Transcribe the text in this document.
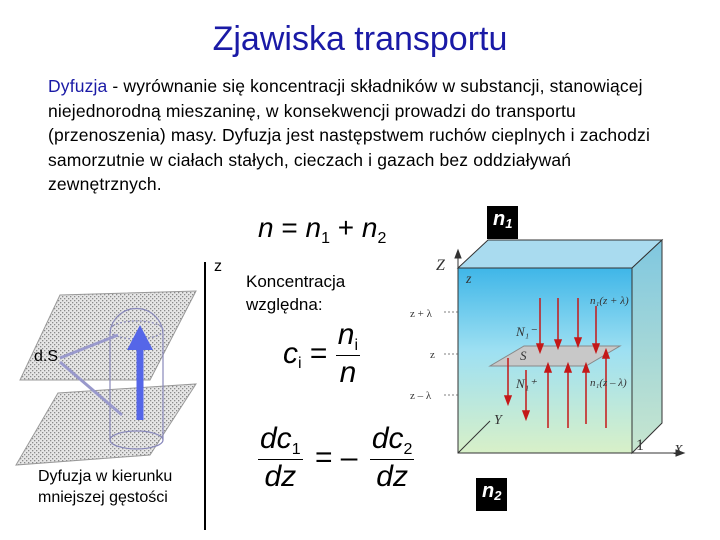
Zjawiska transportu
Dyfuzja - wyrównanie się koncentracji składników w substancji, stanowiącej niejednorodną mieszaninę, w konsekwencji prowadzi do transportu (przenoszenia) masy. Dyfuzja jest następstwem ruchów cieplnych i zachodzi samorzutnie w ciałach stałych, cieczach i gazach bez oddziaływań zewnętrznych.
$n = n_1 + n_2$
z
d.S
Dyfuzja w kierunku
mniejszej gęstości
Koncentracja
względna:
$c_i = \frac{n_i}{n}$
$\frac{dc_1}{dz}$ = – $\frac{dc_2}{dz}$
$n_1$
$n_2$
Z
Y
X
z
z + λ
z
z – λ
n₁(z + λ)
n₁(z – λ)
N₁⁻
S
N₁⁺
1
